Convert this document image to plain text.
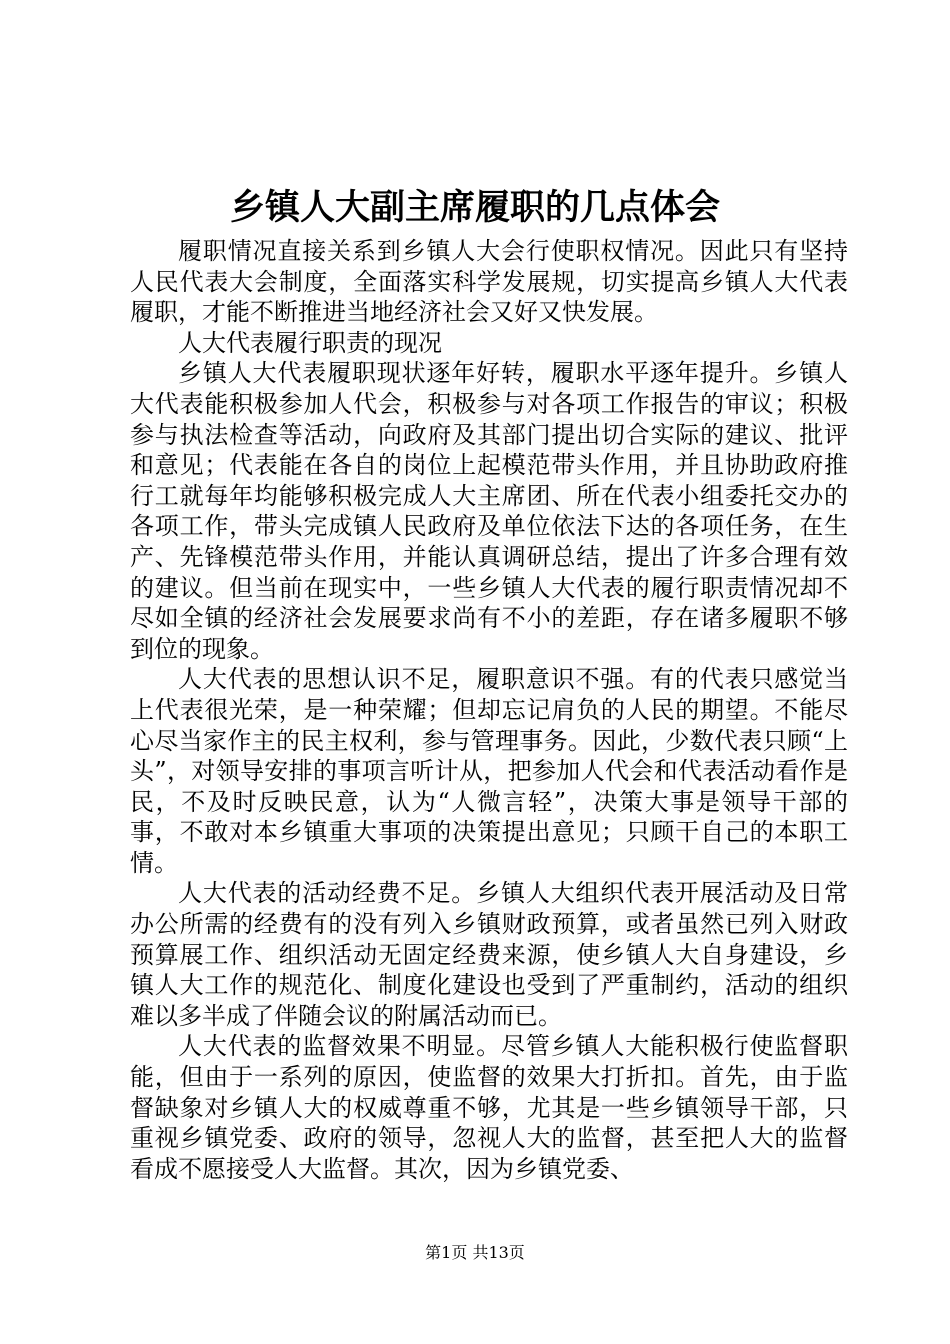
乡镇人大副主席履职的几点体会

履职情况直接关系到乡镇人大会行使职权情况。因此只有坚持人民代表大会制度，全面落实科学发展规，切实提高乡镇人大代表履职，才能不断推进当地经济社会又好又快发展。

人大代表履行职责的现况

乡镇人大代表履职现状逐年好转，履职水平逐年提升。乡镇人大代表能积极参加人代会，积极参与对各项工作报告的审议；积极参与执法检查等活动，向政府及其部门提出切合实际的建议、批评和意见；代表能在各自的岗位上起模范带头作用，并且协助政府推行工就每年均能够积极完成人大主席团、所在代表小组委托交办的各项工作，带头完成镇人民政府及单位依法下达的各项任务，在生产、先锋模范带头作用，并能认真调研总结，提出了许多合理有效的建议。但当前在现实中，一些乡镇人大代表的履行职责情况却不尽如全镇的经济社会发展要求尚有不小的差距，存在诸多履职不够到位的现象。

人大代表的思想认识不足，履职意识不强。有的代表只感觉当上代表很光荣，是一种荣耀；但却忘记肩负的人民的期望。不能尽心尽当家作主的民主权利，参与管理事务。因此，少数代表只顾“上头”，对领导安排的事项言听计从，把参加人代会和代表活动看作是民，不及时反映民意，认为“人微言轻”，决策大事是领导干部的事，不敢对本乡镇重大事项的决策提出意见；只顾干自己的本职工情。

人大代表的活动经费不足。乡镇人大组织代表开展活动及日常办公所需的经费有的没有列入乡镇财政预算，或者虽然已列入财政预算展工作、组织活动无固定经费来源，使乡镇人大自身建设，乡镇人大工作的规范化、制度化建设也受到了严重制约，活动的组织难以多半成了伴随会议的附属活动而已。

人大代表的监督效果不明显。尽管乡镇人大能积极行使监督职能，但由于一系列的原因，使监督的效果大打折扣。首先，由于监督缺象对乡镇人大的权威尊重不够，尤其是一些乡镇领导干部，只重视乡镇党委、政府的领导，忽视人大的监督，甚至把人大的监督看成不愿接受人大监督。其次，因为乡镇党委、

第1页 共13页
